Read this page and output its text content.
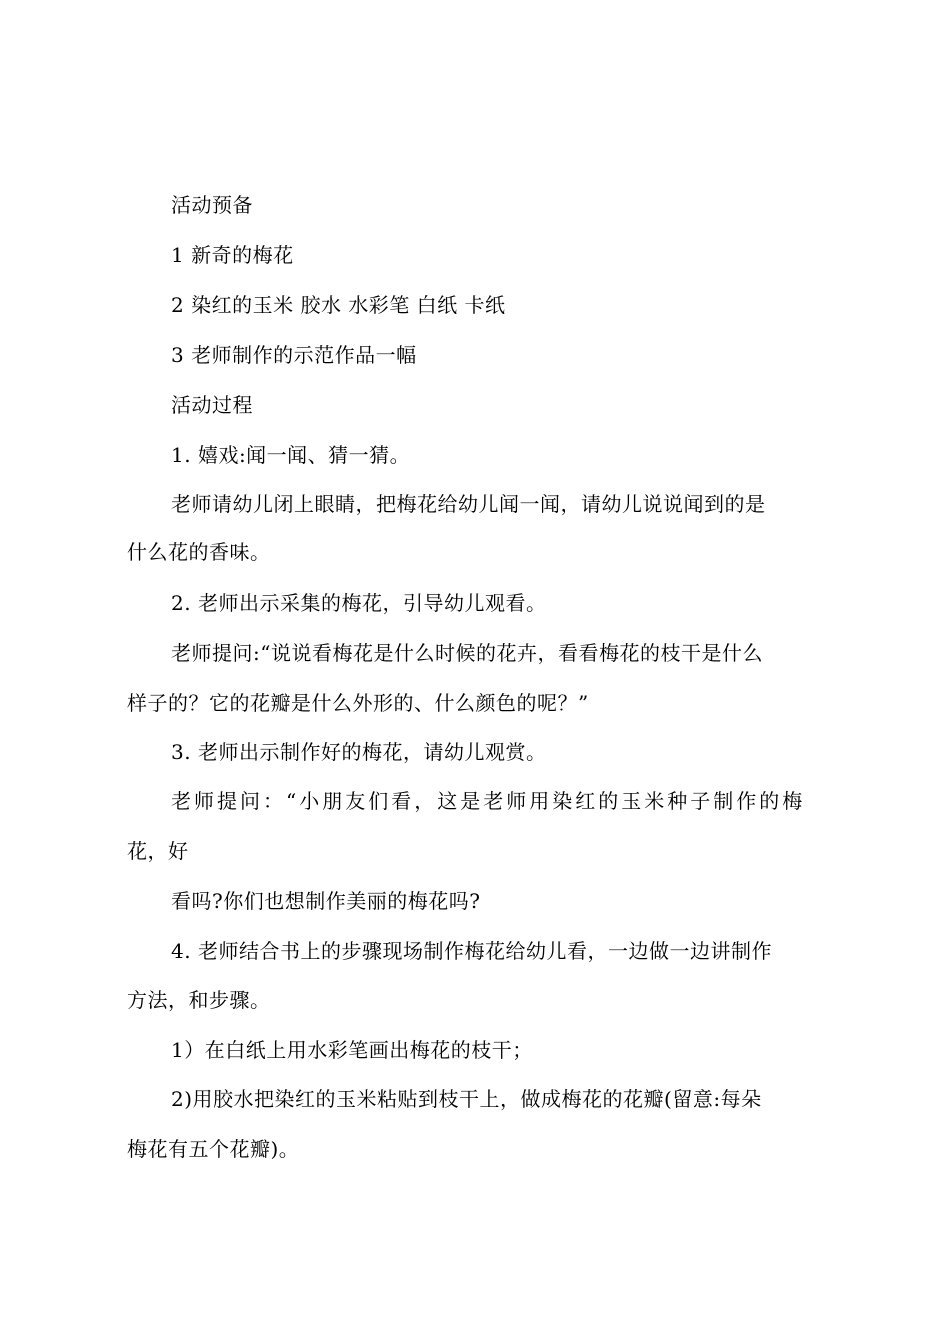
活动预备
1 新奇的梅花
2 染红的玉米 胶水 水彩笔 白纸 卡纸
3 老师制作的示范作品一幅
活动过程
1. 嬉戏:闻一闻、猜一猜。
老师请幼儿闭上眼睛，把梅花给幼儿闻一闻，请幼儿说说闻到的是
什么花的香味。
2. 老师出示采集的梅花，引导幼儿观看。
老师提问:“说说看梅花是什么时候的花卉，看看梅花的枝干是什么
样子的？它的花瓣是什么外形的、什么颜色的呢？”
3. 老师出示制作好的梅花，请幼儿观赏。
老师提问：“小朋友们看，这是老师用染红的玉米种子制作的梅
花，好
看吗?你们也想制作美丽的梅花吗?
4. 老师结合书上的步骤现场制作梅花给幼儿看，一边做一边讲制作
方法，和步骤。
1）在白纸上用水彩笔画出梅花的枝干；
2)用胶水把染红的玉米粘贴到枝干上，做成梅花的花瓣(留意:每朵
梅花有五个花瓣)。
